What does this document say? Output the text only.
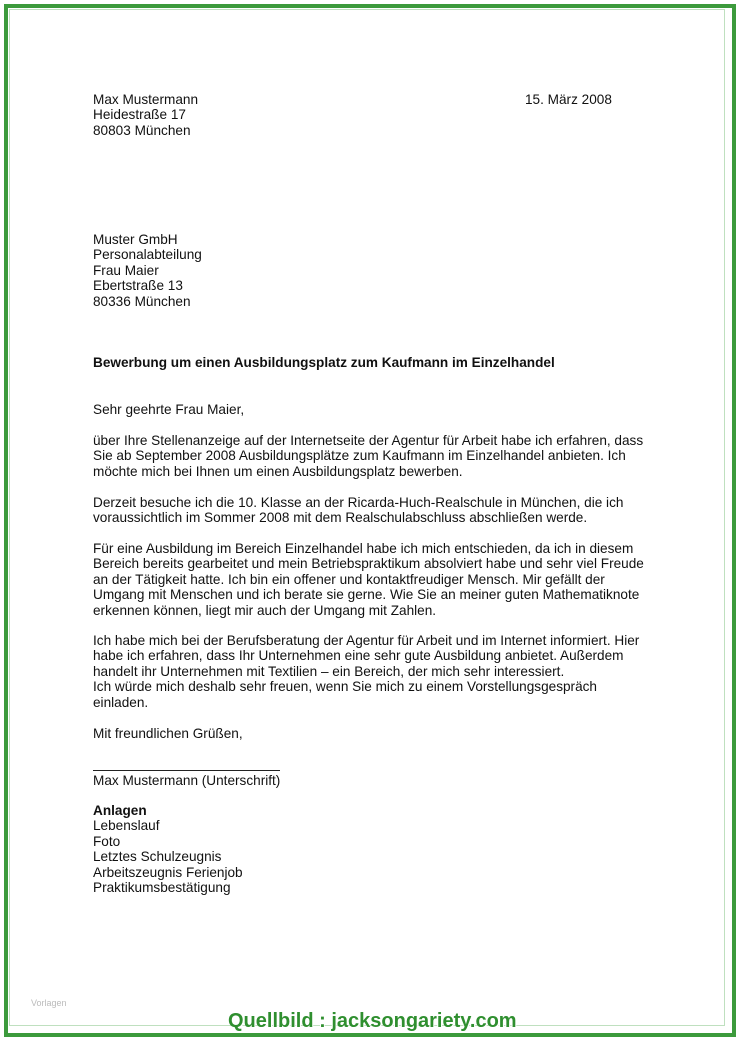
Max Mustermann
Heidestraße 17
80803 München
15. März 2008
Muster GmbH
Personalabteilung
Frau Maier
Ebertstraße 13
80336 München
Bewerbung um einen Ausbildungsplatz zum Kaufmann im Einzelhandel
Sehr geehrte Frau Maier,
über Ihre Stellenanzeige auf der Internetseite der Agentur für Arbeit habe ich erfahren, dass
Sie ab September 2008 Ausbildungsplätze zum Kaufmann im Einzelhandel anbieten. Ich
möchte mich bei Ihnen um einen Ausbildungsplatz bewerben.
Derzeit besuche ich die 10. Klasse an der Ricarda-Huch-Realschule in München, die ich
voraussichtlich im Sommer 2008 mit dem Realschulabschluss abschließen werde.
Für eine Ausbildung im Bereich Einzelhandel habe ich mich entschieden, da ich in diesem
Bereich bereits gearbeitet und mein Betriebspraktikum absolviert habe und sehr viel Freude
an der Tätigkeit hatte. Ich bin ein offener und kontaktfreudiger Mensch. Mir gefällt der
Umgang mit Menschen und ich berate sie gerne. Wie Sie an meiner guten Mathematiknote
erkennen können, liegt mir auch der Umgang mit Zahlen.
Ich habe mich bei der Berufsberatung der Agentur für Arbeit und im Internet informiert. Hier
habe ich erfahren, dass Ihr Unternehmen eine sehr gute Ausbildung anbietet. Außerdem
handelt ihr Unternehmen mit Textilien – ein Bereich, der mich sehr interessiert.
Ich würde mich deshalb sehr freuen, wenn Sie mich zu einem Vorstellungsgespräch
einladen.
Mit freundlichen Grüßen,
Max Mustermann (Unterschrift)
Anlagen
Lebenslauf
Foto
Letztes Schulzeugnis
Arbeitszeugnis Ferienjob
Praktikumsbestätigung
Vorlagen
Quellbild : jacksongariety.com
